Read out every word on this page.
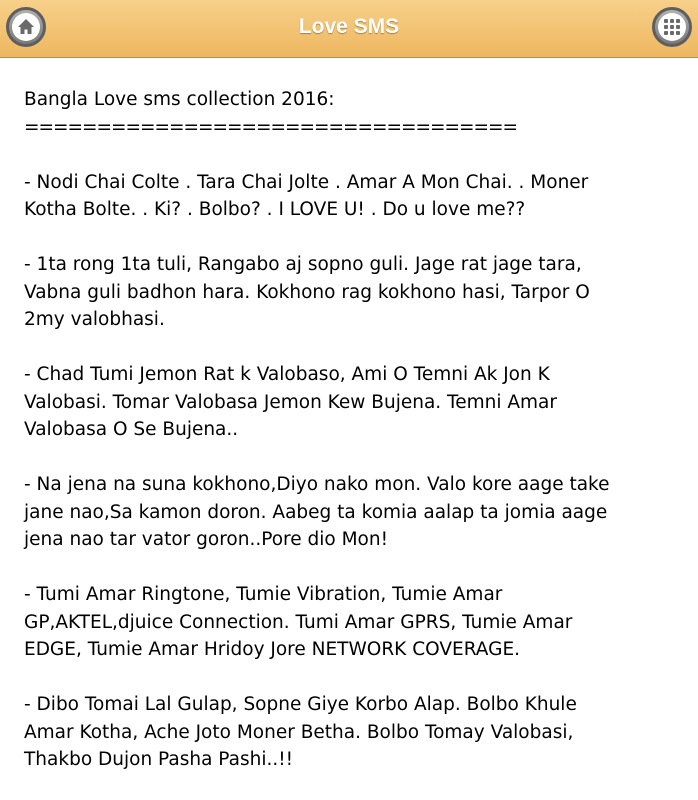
Love SMS
Bangla Love sms collection 2016:
==================================
- Nodi Chai Colte . Tara Chai Jolte . Amar A Mon Chai. . Moner
Kotha Bolte. . Ki? . Bolbo? . I LOVE U! . Do u love me??
- 1ta rong 1ta tuli, Rangabo aj sopno guli. Jage rat jage tara,
Vabna guli badhon hara. Kokhono rag kokhono hasi, Tarpor O
2my valobhasi.
- Chad Tumi Jemon Rat k Valobaso, Ami O Temni Ak Jon K
Valobasi. Tomar Valobasa Jemon Kew Bujena. Temni Amar
Valobasa O Se Bujena..
- Na jena na suna kokhono,Diyo nako mon. Valo kore aage take
jane nao,Sa kamon doron. Aabeg ta komia aalap ta jomia aage
jena nao tar vator goron..Pore dio Mon!
- Tumi Amar Ringtone, Tumie Vibration, Tumie Amar
GP,AKTEL,djuice Connection. Tumi Amar GPRS, Tumie Amar
EDGE, Tumie Amar Hridoy Jore NETWORK COVERAGE.
- Dibo Tomai Lal Gulap, Sopne Giye Korbo Alap. Bolbo Khule
Amar Kotha, Ache Joto Moner Betha. Bolbo Tomay Valobasi,
Thakbo Dujon Pasha Pashi..!!
